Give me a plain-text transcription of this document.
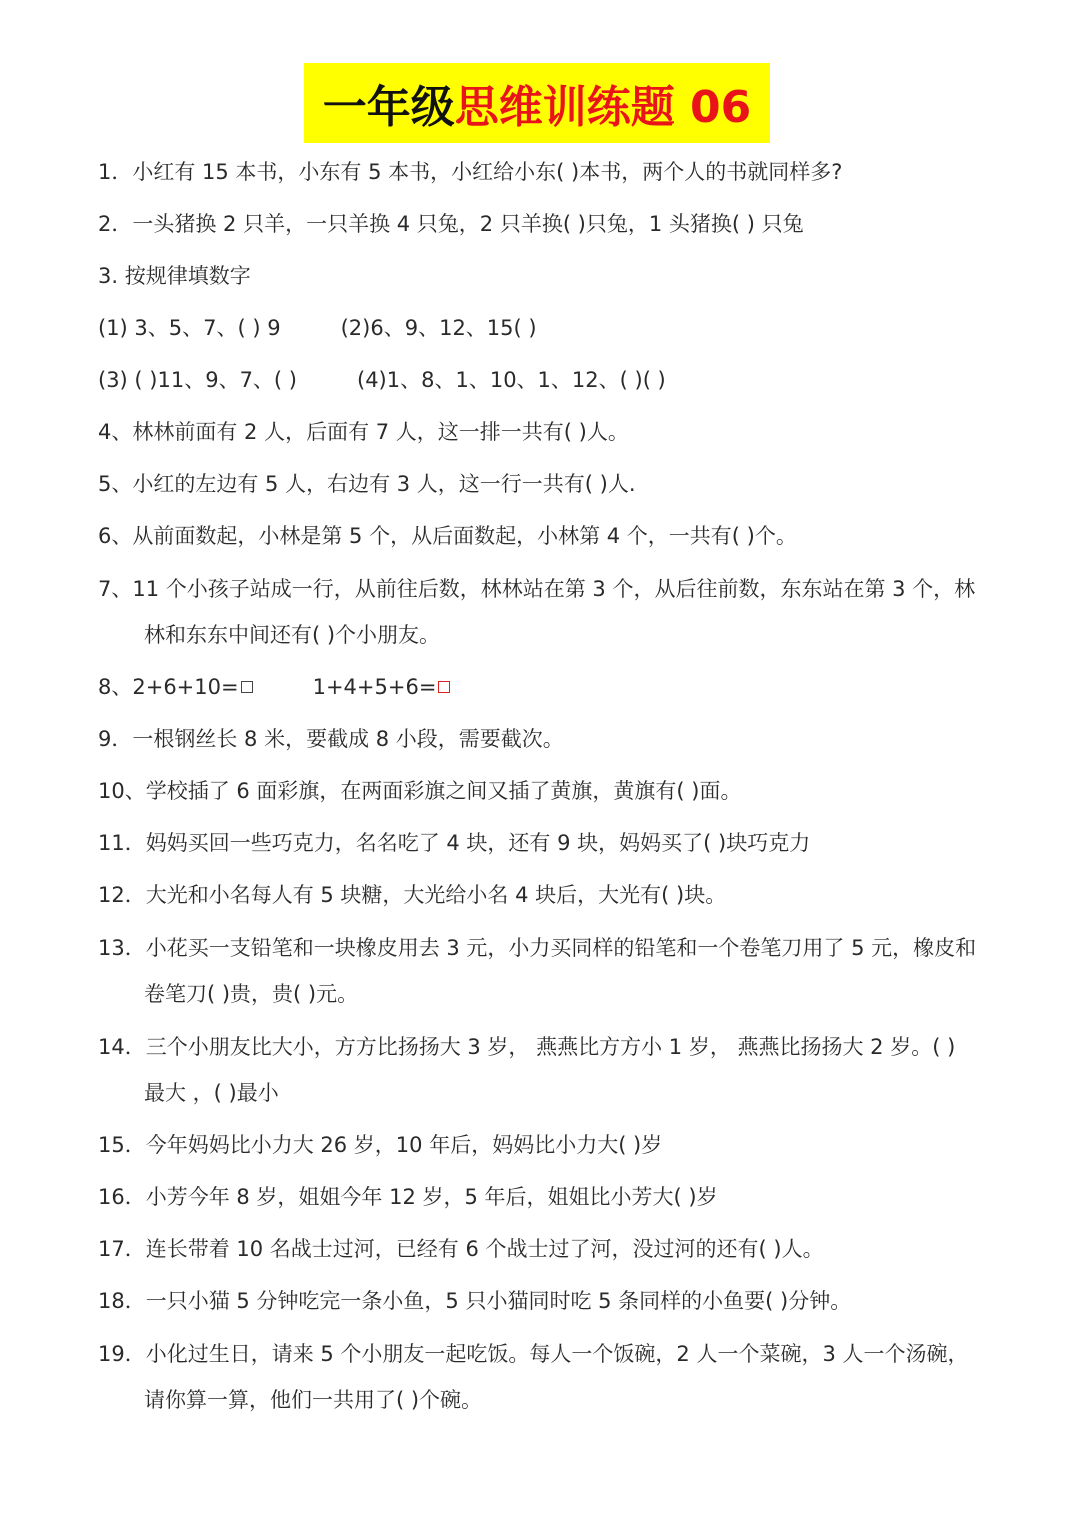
一年级 思维训练题 06
1．小红有 15 本书，小东有 5 本书，小红给小东( )本书，两个人的书就同样多?
2．一头猪换 2 只羊，一只羊换 4 只兔，2 只羊换( )只兔，1 头猪换( ) 只兔
3. 按规律填数字
(1) 3、5、7、( ) 9	(2)6、9、12、15( )
(3) ( )11、9、7、( )	(4)1、8、1、10、1、12、( )( )
4、林林前面有 2 人，后面有 7 人，这一排一共有( )人。
5、小红的左边有 5 人，右边有 3 人，这一行一共有( )人.
6、从前面数起，小林是第 5 个，从后面数起，小林第 4 个，一共有( )个。
7、11 个小孩子站成一行，从前往后数，林林站在第 3 个，从后往前数，东东站在第 3 个，林
林和东东中间还有( )个小朋友。
8、2+6+10=	1+4+5+6=
9．一根钢丝长 8 米，要截成 8 小段，需要截次。
10、学校插了 6 面彩旗，在两面彩旗之间又插了黄旗，黄旗有( )面。
11．妈妈买回一些巧克力，名名吃了 4 块，还有 9 块，妈妈买了( )块巧克力
12．大光和小名每人有 5 块糖，大光给小名 4 块后，大光有( )块。
13．小花买一支铅笔和一块橡皮用去 3 元，小力买同样的铅笔和一个卷笔刀用了 5 元，橡皮和
卷笔刀( )贵，贵( )元。
14．三个小朋友比大小，方方比扬扬大 3 岁， 燕燕比方方小 1 岁， 燕燕比扬扬大 2 岁。( )
最大 ，( )最小
15．今年妈妈比小力大 26 岁，10 年后，妈妈比小力大( )岁
16．小芳今年 8 岁，姐姐今年 12 岁，5 年后，姐姐比小芳大( )岁
17．连长带着 10 名战士过河，已经有 6 个战士过了河，没过河的还有( )人。
18．一只小猫 5 分钟吃完一条小鱼，5 只小猫同时吃 5 条同样的小鱼要( )分钟。
19．小化过生日，请来 5 个小朋友一起吃饭。每人一个饭碗，2 人一个菜碗，3 人一个汤碗，
请你算一算，他们一共用了( )个碗。
